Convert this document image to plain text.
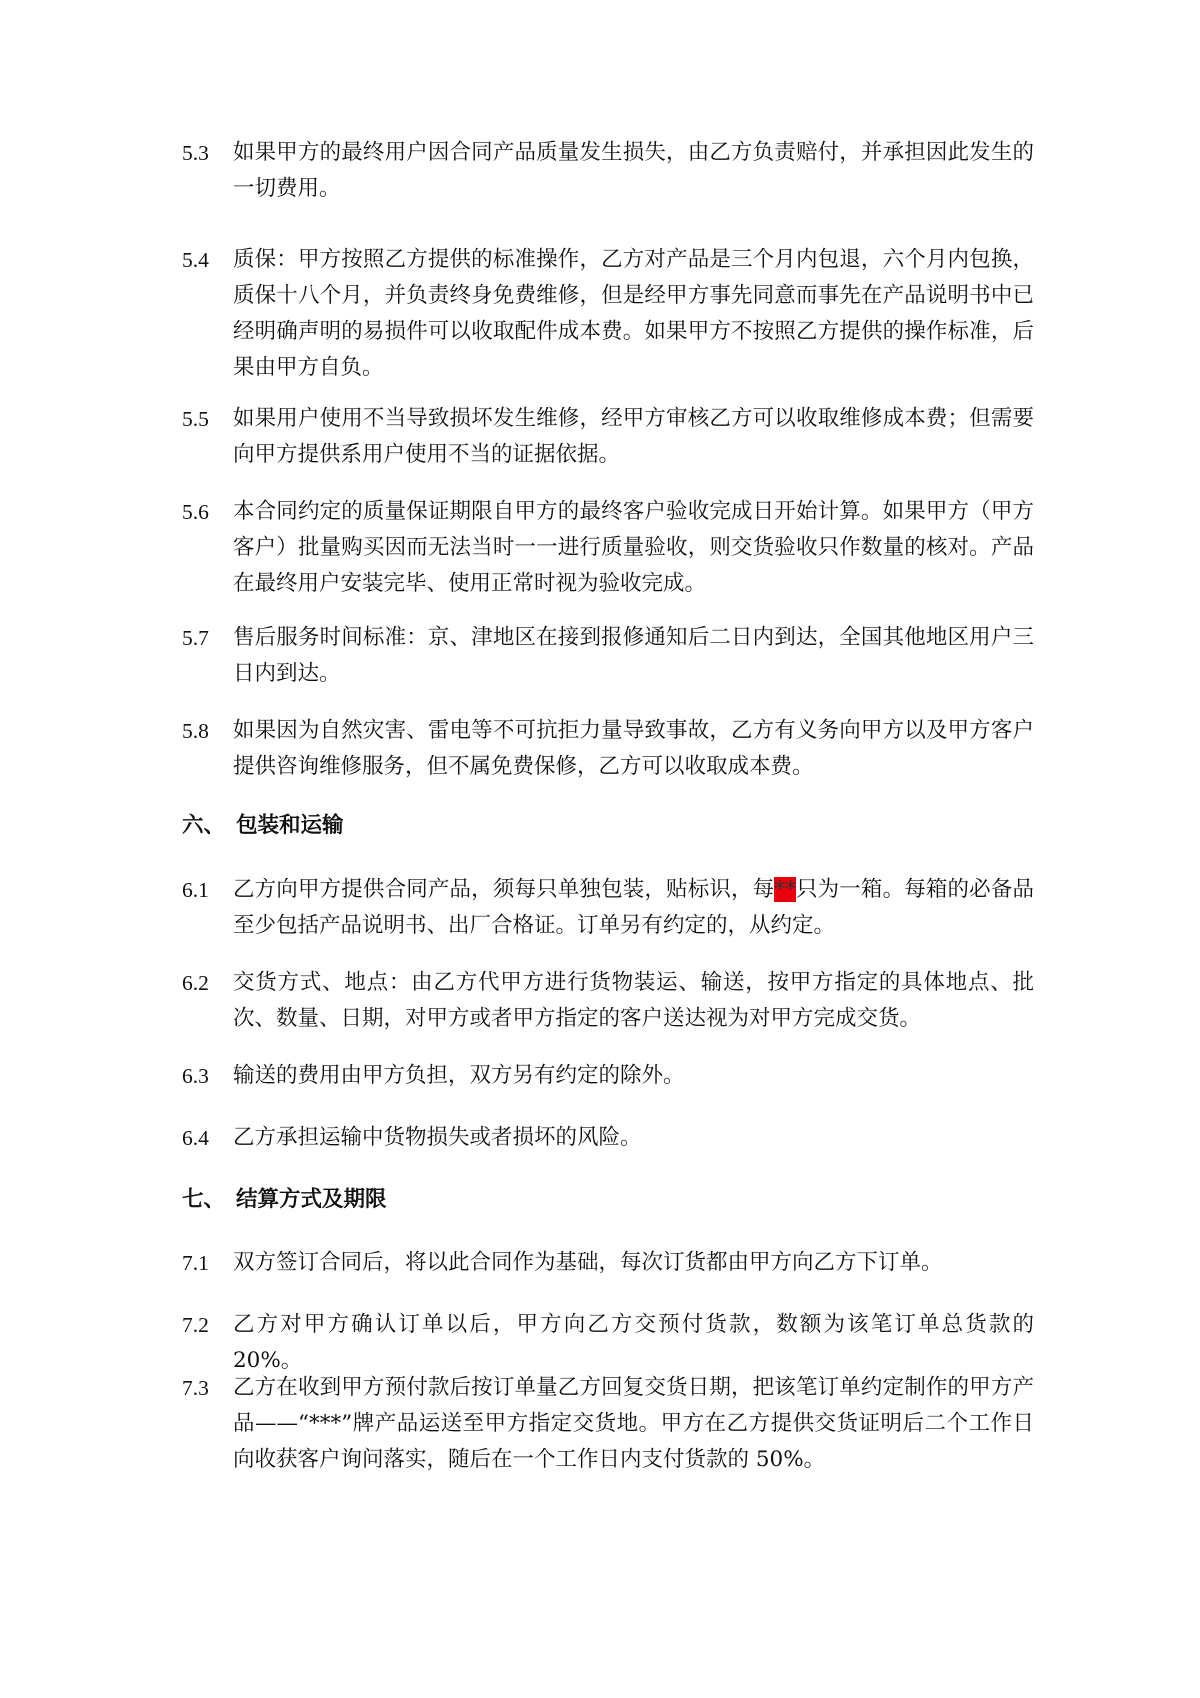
5.3	如果甲方的最终用户因合同产品质量发生损失，由乙方负责赔付，并承担因此发生的一切费用。
5.4	质保：甲方按照乙方提供的标准操作，乙方对产品是三个月内包退，六个月内包换，质保十八个月，并负责终身免费维修，但是经甲方事先同意而事先在产品说明书中已经明确声明的易损件可以收取配件成本费。如果甲方不按照乙方提供的操作标准，后果由甲方自负。
5.5	如果用户使用不当导致损坏发生维修，经甲方审核乙方可以收取维修成本费；但需要向甲方提供系用户使用不当的证据依据。
5.6	本合同约定的质量保证期限自甲方的最终客户验收完成日开始计算。如果甲方（甲方客户）批量购买因而无法当时一一进行质量验收，则交货验收只作数量的核对。产品在最终用户安装完毕、使用正常时视为验收完成。
5.7	售后服务时间标准：京、津地区在接到报修通知后二日内到达，全国其他地区用户三日内到达。
5.8	如果因为自然灾害、雷电等不可抗拒力量导致事故，乙方有义务向甲方以及甲方客户提供咨询维修服务，但不属免费保修，乙方可以收取成本费。
六、 包装和运输
6.1	乙方向甲方提供合同产品，须每只单独包装，贴标识，每**只为一箱。每箱的必备品至少包括产品说明书、出厂合格证。订单另有约定的，从约定。
6.2	交货方式、地点：由乙方代甲方进行货物装运、输送，按甲方指定的具体地点、批次、数量、日期，对甲方或者甲方指定的客户送达视为对甲方完成交货。
6.3	输送的费用由甲方负担，双方另有约定的除外。
6.4	乙方承担运输中货物损失或者损坏的风险。
七、 结算方式及期限
7.1	双方签订合同后，将以此合同作为基础，每次订货都由甲方向乙方下订单。
7.2	乙方对甲方确认订单以后，甲方向乙方交预付货款，数额为该笔订单总货款的 20%。
7.3	乙方在收到甲方预付款后按订单量乙方回复交货日期，把该笔订单约定制作的甲方产品——“***”牌产品运送至甲方指定交货地。甲方在乙方提供交货证明后二个工作日向收获客户询问落实，随后在一个工作日内支付货款的 50%。
